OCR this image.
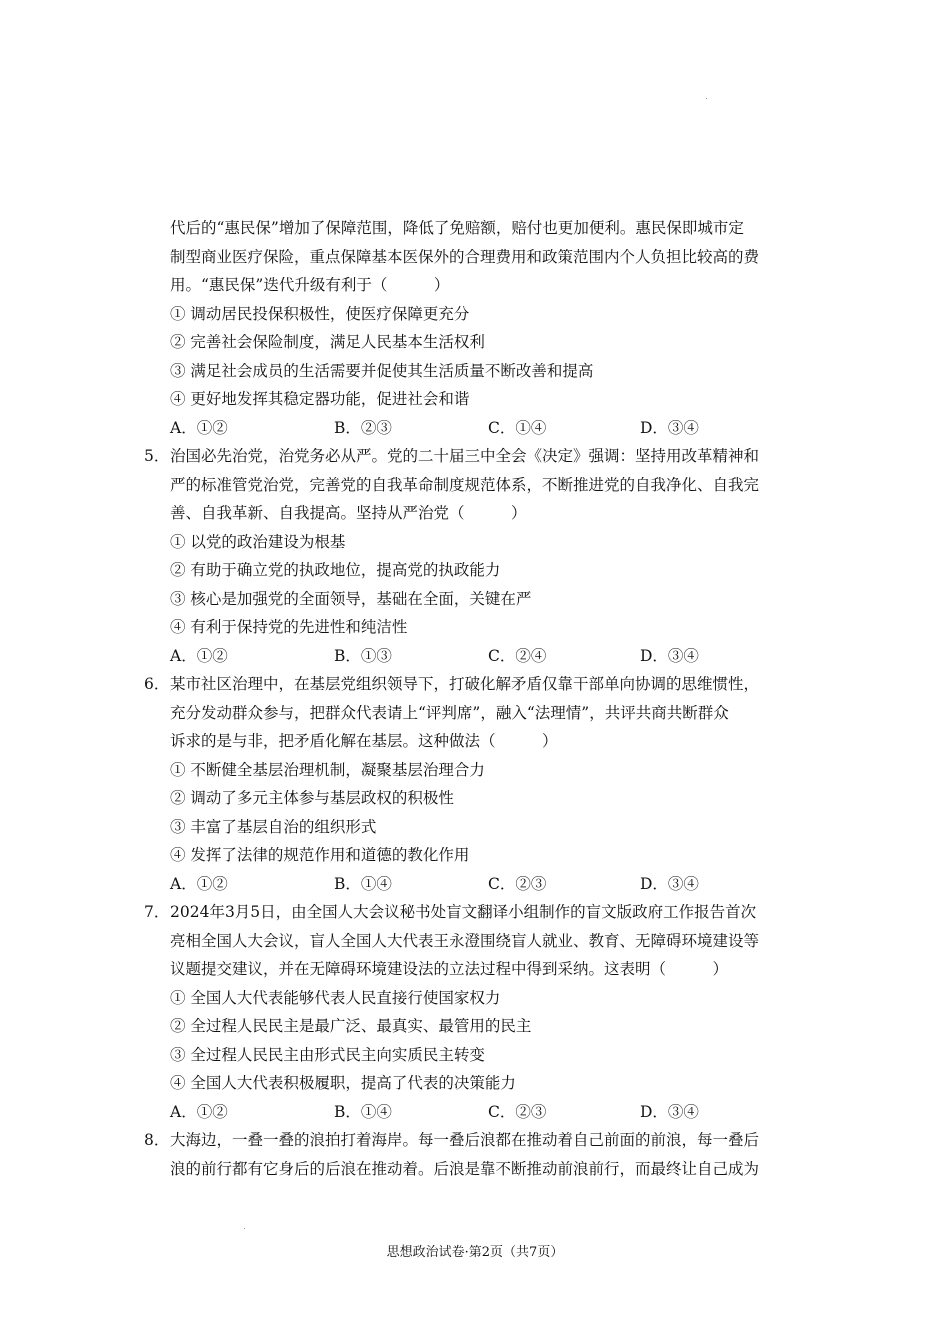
代后的“惠民保”增加了保障范围，降低了免赔额，赔付也更加便利。惠民保即城市定
制型商业医疗保险，重点保障基本医保外的合理费用和政策范围内个人负担比较高的费
用。“惠民保”迭代升级有利于（　　　）
① 调动居民投保积极性，使医疗保障更充分
② 完善社会保险制度，满足人民基本生活权利
③ 满足社会成员的生活需要并促使其生活质量不断改善和提高
④ 更好地发挥其稳定器功能，促进社会和谐
A．①②	B．②③	C．①④	D．③④
5． 治国必先治党，治党务必从严。党的二十届三中全会《决定》强调：坚持用改革精神和
严的标准管党治党，完善党的自我革命制度规范体系，不断推进党的自我净化、自我完
善、自我革新、自我提高。坚持从严治党（　　　）
① 以党的政治建设为根基
② 有助于确立党的执政地位，提高党的执政能力
③ 核心是加强党的全面领导，基础在全面，关键在严
④ 有利于保持党的先进性和纯洁性
A．①②	B．①③	C．②④	D．③④
6． 某市社区治理中，在基层党组织领导下，打破化解矛盾仅靠干部单向协调的思维惯性，
充分发动群众参与，把群众代表请上“评判席”，融入“法理情”，共评共商共断群众
诉求的是与非，把矛盾化解在基层。这种做法（　　　）
① 不断健全基层治理机制，凝聚基层治理合力
② 调动了多元主体参与基层政权的积极性
③ 丰富了基层自治的组织形式
④ 发挥了法律的规范作用和道德的教化作用
A．①②	B．①④	C．②③	D．③④
7． 2024年3月5日，由全国人大会议秘书处盲文翻译小组制作的盲文版政府工作报告首次
亮相全国人大会议，盲人全国人大代表王永澄围绕盲人就业、教育、无障碍环境建设等
议题提交建议，并在无障碍环境建设法的立法过程中得到采纳。这表明（　　　）
① 全国人大代表能够代表人民直接行使国家权力
② 全过程人民民主是最广泛、最真实、最管用的民主
③ 全过程人民民主由形式民主向实质民主转变
④ 全国人大代表积极履职，提高了代表的决策能力
A．①②	B．①④	C．②③	D．③④
8． 大海边，一叠一叠的浪拍打着海岸。每一叠后浪都在推动着自己前面的前浪，每一叠后
浪的前行都有它身后的后浪在推动着。后浪是靠不断推动前浪前行，而最终让自己成为
思想政治试卷·第2页（共7页）
